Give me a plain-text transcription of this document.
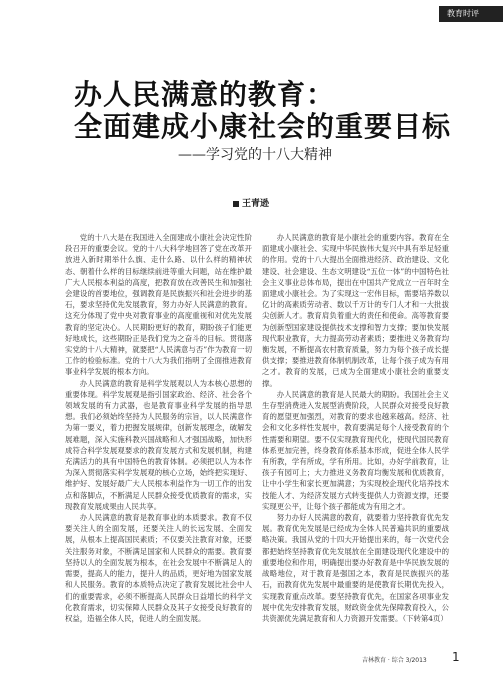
教育时评
办人民满意的教育：
全面建成小康社会的重要目标
——学习党的十八大精神
王青逊

党的十八大是在我国进入全面建成小康社会决定性阶段召开的重要会议。党的十八大科学地回答了党在改革开放进入新时期举什么旗、走什么路、以什么样的精神状态、朝着什么样的目标继续前进等重大问题，站在维护最广大人民根本利益的高度，把教育放在改善民生和加强社会建设的首要地位，强调教育是民族振兴和社会进步的基石，要求坚持优先发展教育，努力办好人民满意的教育。这充分体现了党中央对教育事业的高度重视和对优先发展教育的坚定决心。人民期盼更好的教育，期盼孩子们能更好地成长，这些期盼正是我们党为之奋斗的目标。贯彻落实党的十八大精神，就要把“人民满意与否”作为教育一切工作的检验标准。党的十八大为我们指明了全面推进教育事业科学发展的根本方向。

办人民满意的教育是科学发展观以人为本核心思想的重要体现。科学发展观是指引国家政治、经济、社会各个领域发展的有力武器，也是教育事业科学发展的指导思想。我们必须始终坚持为人民服务的宗旨，以人民满意作为第一要义，着力把握发展规律，创新发展理念，破解发展难题，深入实施科教兴国战略和人才强国战略，加快形成符合科学发展观要求的教育发展方式和发展机制，构建充满活力的具有中国特色的教育体制。必须把以人为本作为深入贯彻落实科学发展观的核心立场，始终把实现好、维护好、发展好最广大人民根本利益作为一切工作的出发点和落脚点，不断满足人民群众接受优质教育的需求，实现教育发展成果由人民共享。

办人民满意的教育是教育事业的本质要求。教育不仅要关注人的全面发展，还要关注人的长远发展、全面发展，从根本上提高国民素质；不仅要关注教育对象，还要关注服务对象，不断满足国家和人民群众的需要。教育要坚持以人的全面发展为根本，在社会发展中不断满足人的需要，提高人的能力，提升人的品质，更好地为国家发展和人民服务。教育的本质特点决定了教育发展比社会中人们的重要需求，必须不断提高人民群众日益增长的科学文化教育需求，切实保障人民群众及其子女接受良好教育的权益，造福全体人民，促进人的全面发展。

办人民满意的教育是小康社会的重要内容。教育在全面建成小康社会、实现中华民族伟大复兴中具有举足轻重的作用。党的十八大提出全面推进经济、政治建设、文化建设、社会建设、生态文明建设“五位一体”的中国特色社会主义事业总体布局，提出在中国共产党成立一百年时全面建成小康社会。为了实现这一宏伟目标，需要培养数以亿计的高素质劳动者、数以千万计的专门人才和一大批拔尖创新人才。教育肩负着重大的责任和使命。高等教育要为创新型国家建设提供技术支撑和智力支撑；要加快发展现代职业教育，大力提高劳动者素质；要推进义务教育均衡发展，不断提高农村教育质量，努力为每个孩子成长提供支撑；要推进教育体制机制改革，让每个孩子成为有用之才。教育的发展，已成为全面建成小康社会的重要支撑。

办人民满意的教育是人民最大的期盼。我国社会主义生存型消费进入发展型消费阶段，人民群众对接受良好教育的愿望更加强烈，对教育的要求也越来越高。经济、社会和文化多样性发展中，教育要满足每个人接受教育的个性需要和期望。要不仅实现教育现代化，使现代国民教育体系更加完善，终身教育体系基本形成，促进全体人民学有所教，学有所成，学有所用。比如，办好学前教育，让孩子有园可上；大力推进义务教育均衡发展和优质教育，让中小学生和家长更加满意；为实现校企现代化培养技术技能人才、为经济发展方式转变提供人力资源支撑，还要实现更公平，让每个孩子都能成为有用之才。

努力办好人民满意的教育，就要着力坚持教育优先发展。教育优先发展是已经成为全体人民普遍共识的重要战略决策。我国从党的十四大开始提出来的，每一次党代会都把始终坚持教育优先发展放在全面建设现代化建设中的重要地位和作用，明确提出要办好教育是中华民族发展的战略地位，对于教育是强国之本，教育是民族振兴的基石，而教育优先发展中最重要的是使教育长期优先投入，实现教育重点改革。要坚持教育优先，在国家各项事业发展中优先安排教育发展，财政资金优先保障教育投入，公共资源优先满足教育和人力资源开发需要。（下转第4页）

吉林教育 · 综合 3/2013 1
